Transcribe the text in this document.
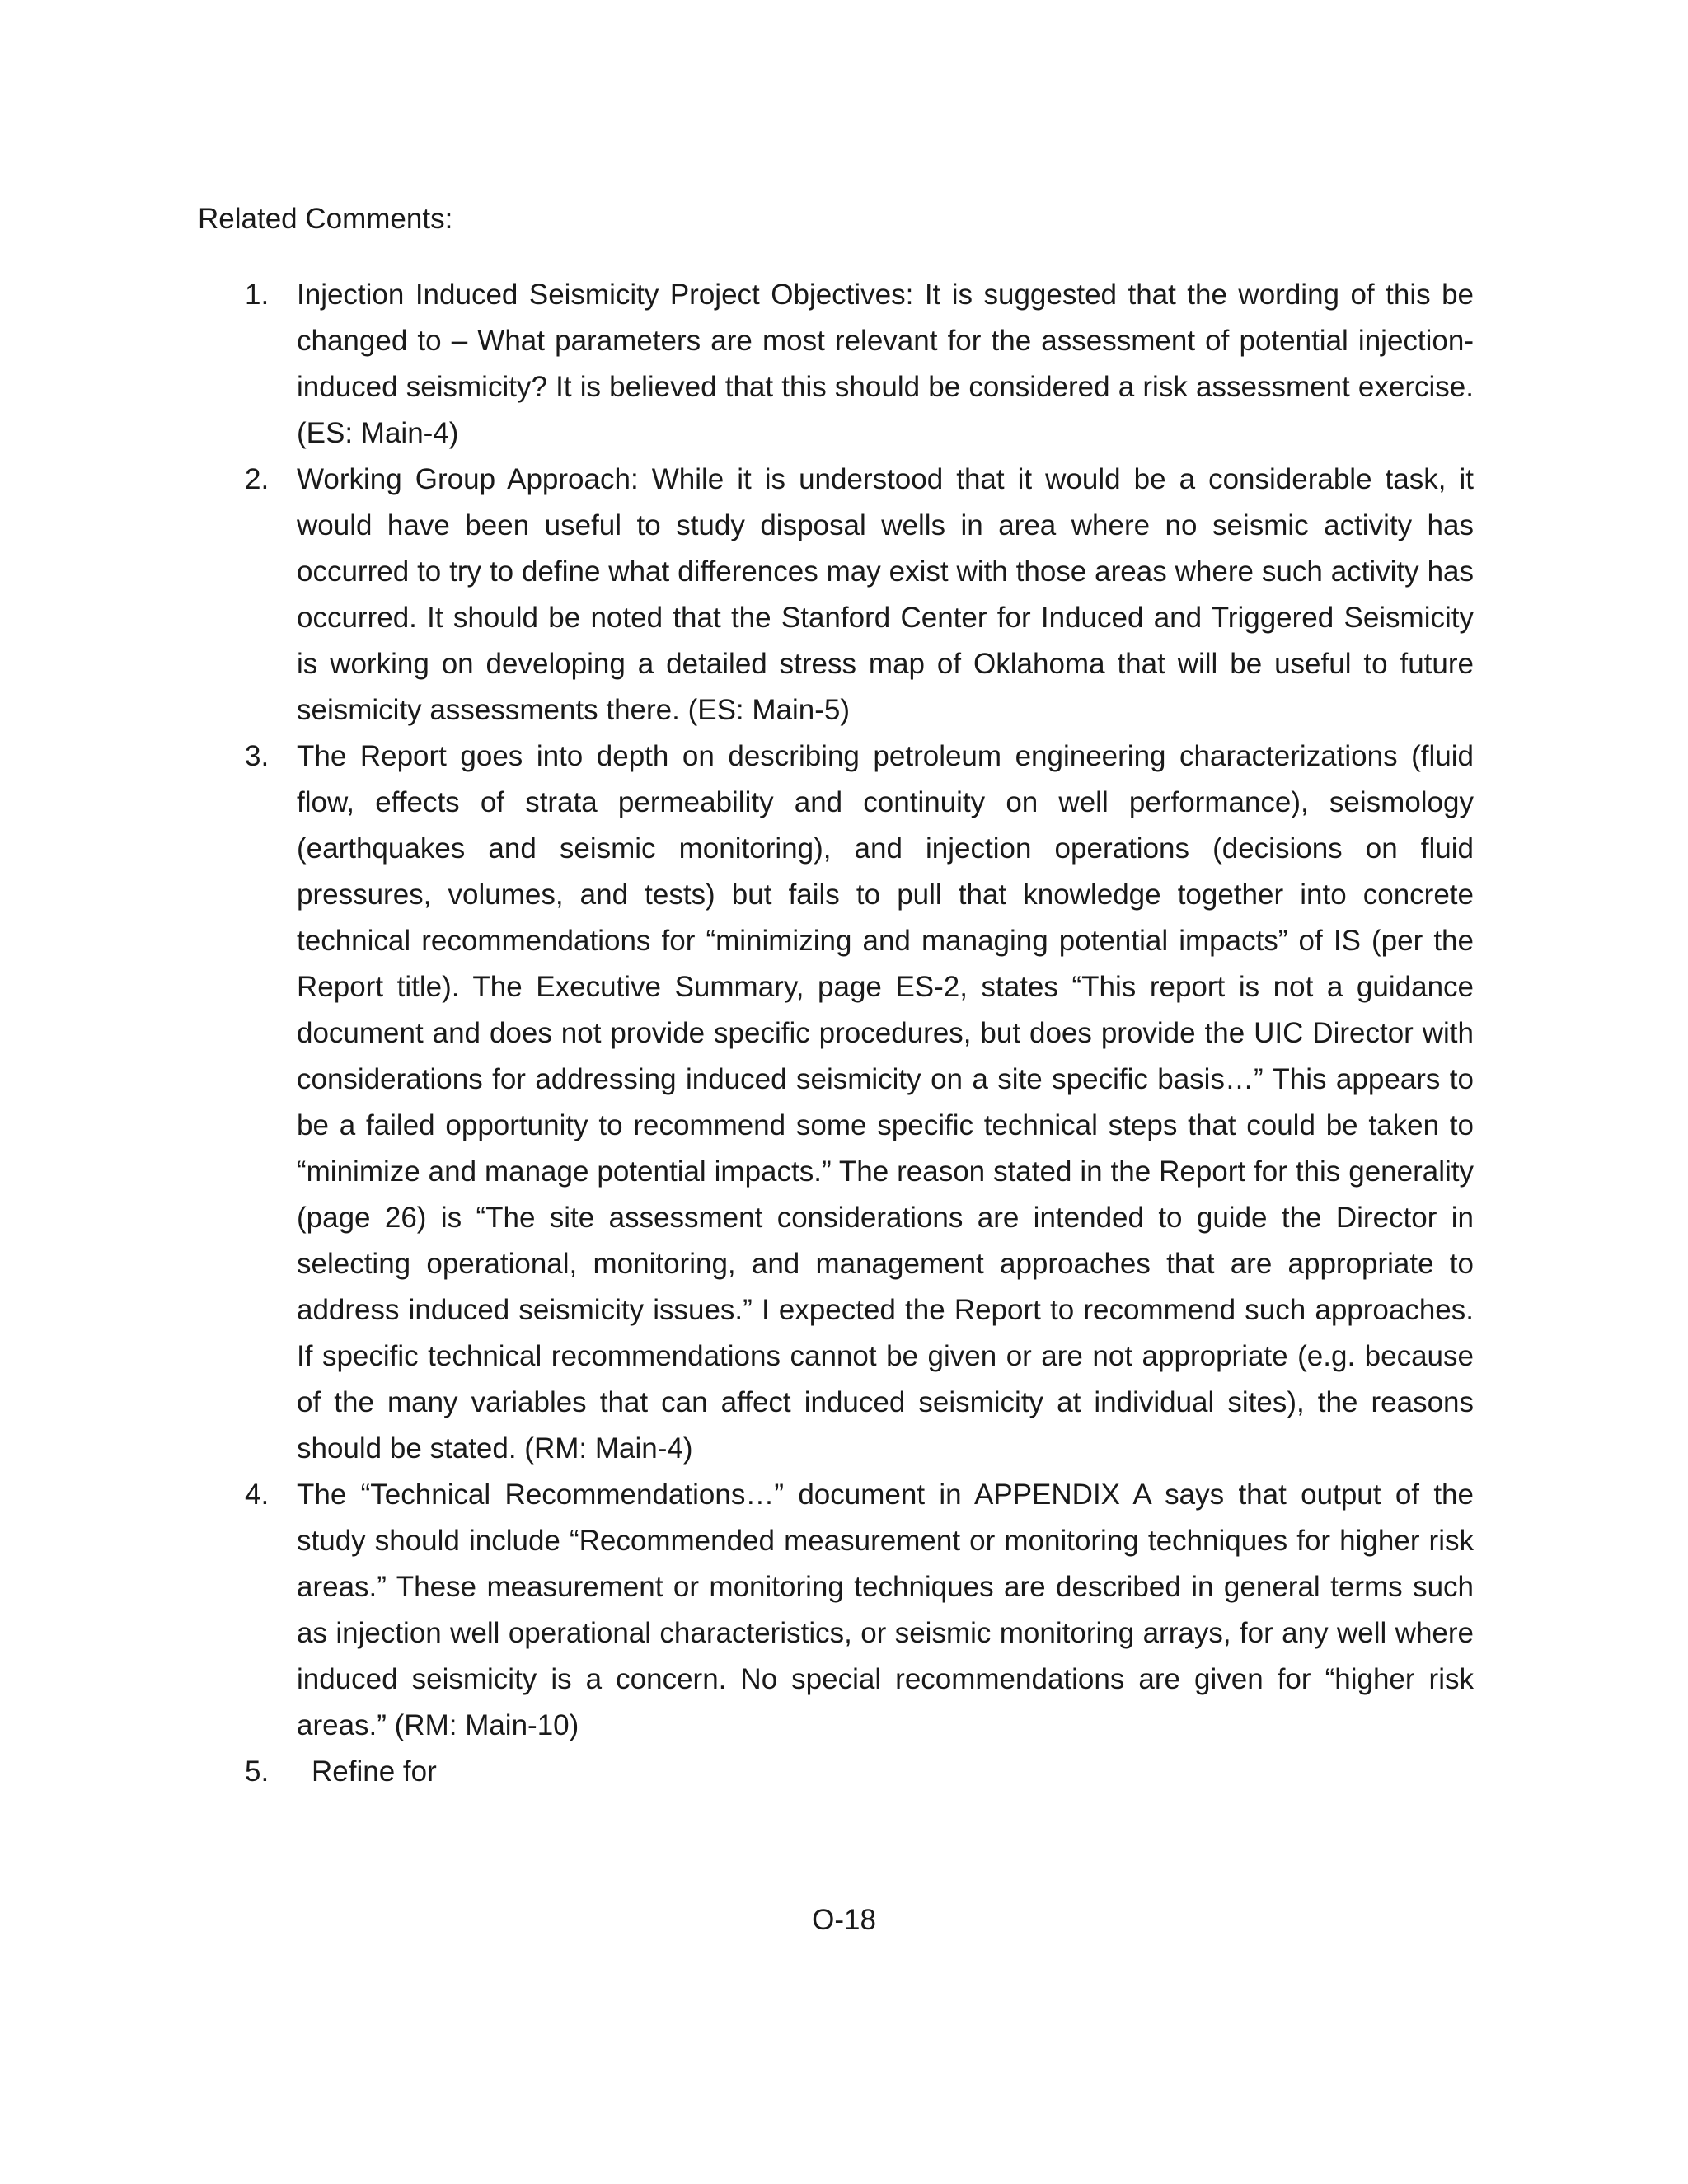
Related Comments:

1. Injection Induced Seismicity Project Objectives: It is suggested that the wording of this be changed to – What parameters are most relevant for the assessment of potential injection-induced seismicity? It is believed that this should be considered a risk assessment exercise. (ES: Main-4)
2. Working Group Approach: While it is understood that it would be a considerable task, it would have been useful to study disposal wells in area where no seismic activity has occurred to try to define what differences may exist with those areas where such activity has occurred. It should be noted that the Stanford Center for Induced and Triggered Seismicity is working on developing a detailed stress map of Oklahoma that will be useful to future seismicity assessments there. (ES: Main-5)
3. The Report goes into depth on describing petroleum engineering characterizations (fluid flow, effects of strata permeability and continuity on well performance), seismology (earthquakes and seismic monitoring), and injection operations (decisions on fluid pressures, volumes, and tests) but fails to pull that knowledge together into concrete technical recommendations for “minimizing and managing potential impacts” of IS (per the Report title). The Executive Summary, page ES-2, states “This report is not a guidance document and does not provide specific procedures, but does provide the UIC Director with considerations for addressing induced seismicity on a site specific basis…” This appears to be a failed opportunity to recommend some specific technical steps that could be taken to “minimize and manage potential impacts.” The reason stated in the Report for this generality (page 26) is “The site assessment considerations are intended to guide the Director in selecting operational, monitoring, and management approaches that are appropriate to address induced seismicity issues.” I expected the Report to recommend such approaches. If specific technical recommendations cannot be given or are not appropriate (e.g. because of the many variables that can affect induced seismicity at individual sites), the reasons should be stated. (RM: Main-4)
4. The “Technical Recommendations…” document in APPENDIX A says that output of the study should include “Recommended measurement or monitoring techniques for higher risk areas.” These measurement or monitoring techniques are described in general terms such as injection well operational characteristics, or seismic monitoring arrays, for any well where induced seismicity is a concern. No special recommendations are given for “higher risk areas.” (RM: Main-10)
5.	Refine for
O-18
